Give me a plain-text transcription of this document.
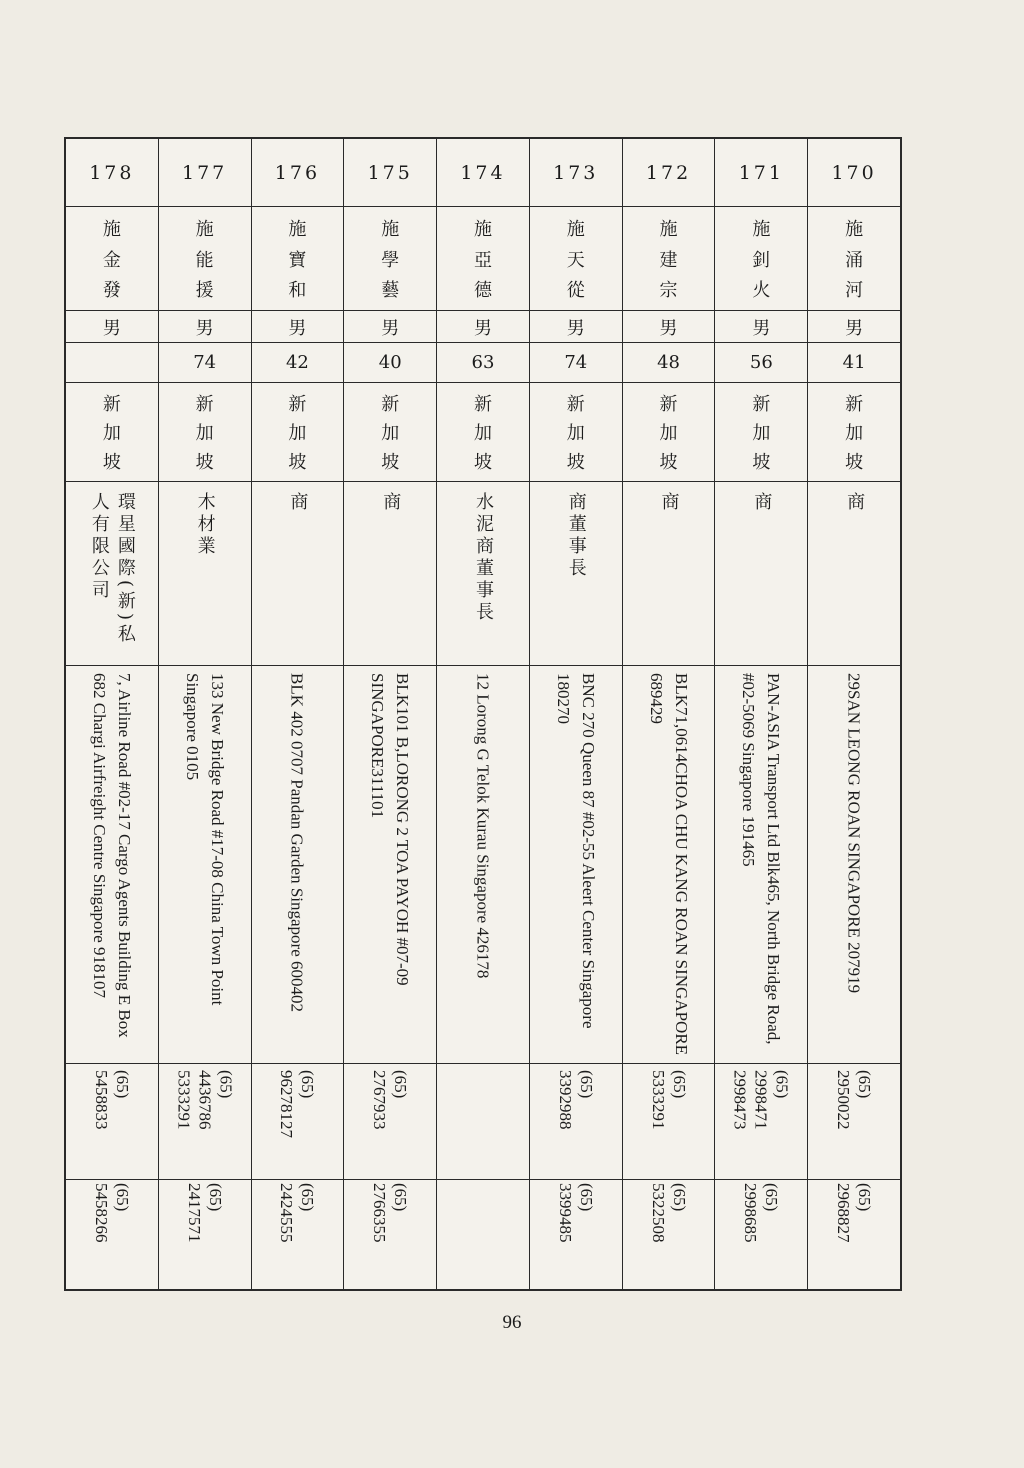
170
施
涌
河
男
41
新
加
坡
商
29SAN LEONG ROAN SINGAPORE 207919
(65)
2950022
(65)
2968827
171
施
釗
火
男
56
新
加
坡
商
PAN-ASIA Transport Ltd Blk465, North Bridge Road, #02-5069 Singapore 191465
(65)
2998471
2998473
(65)
2998685
172
施
建
宗
男
48
新
加
坡
商
BLK71,0614CHOA CHU KANG ROAN SINGAPORE 689429
(65)
5333291
(65)
5322508
173
施
天
從
男
74
新
加
坡
商董事長
BNC 270 Queen 87 #02-55 Aleert Center Singapore 180270
(65)
3392988
(65)
3399485
174
施
亞
德
男
63
新
加
坡
水泥商董事長
12 Lorong G Telok Kurau Singapore 426178
175
施
學
藝
男
40
新
加
坡
商
BLK101 B,LORONG 2 TOA PAYOH #07-09 SINGAPORE311101
(65)
2767933
(65)
2766355
176
施
寶
和
男
42
新
加
坡
商
BLK 402 0707 Pandan Garden Singapore 600402
(65)
96278127
(65)
2424555
177
施
能
援
男
74
新
加
坡
木材業
133 New Bridge Road #17-08 China Town Point Singapore 0105
(65)
4436786
5333291
(65)
2417571
178
施
金
發
男
新
加
坡
環星國際(新)私人有限公司
7, Airline Road #02-17 Cargo Agents Building E Box 682 Chargi Airfreight Centre Singapore 918107
(65)
5458833
(65)
5458266
96
